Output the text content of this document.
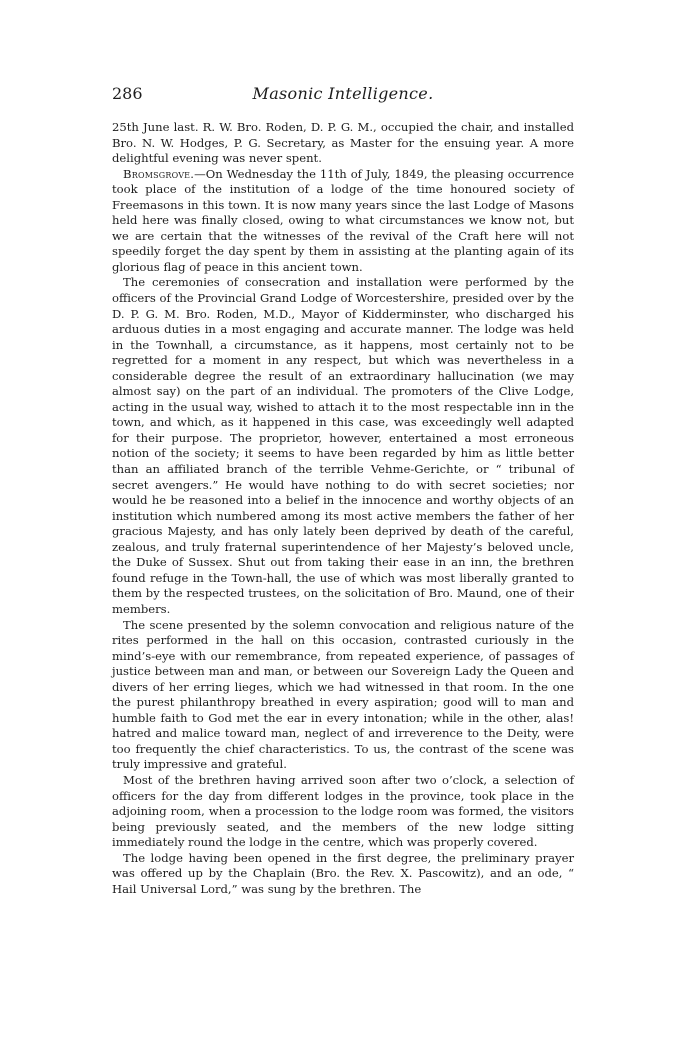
286	Masonic Intelligence.

25th June last. R. W. Bro. Roden, D. P. G. M., occupied the chair, and installed Bro. N. W. Hodges, P. G. Secretary, as Master for the ensuing year. A more delightful evening was never spent.

Bromsgrove.—On Wednesday the 11th of July, 1849, the pleasing occurrence took place of the institution of a lodge of the time honoured society of Freemasons in this town. It is now many years since the last Lodge of Masons held here was finally closed, owing to what circumstances we know not, but we are certain that the witnesses of the revival of the Craft here will not speedily forget the day spent by them in assisting at the planting again of its glorious flag of peace in this ancient town.

The ceremonies of consecration and installation were performed by the officers of the Provincial Grand Lodge of Worcestershire, presided over by the D. P. G. M. Bro. Roden, M.D., Mayor of Kidderminster, who discharged his arduous duties in a most engaging and accurate manner. The lodge was held in the Townhall, a circumstance, as it happens, most certainly not to be regretted for a moment in any respect, but which was nevertheless in a considerable degree the result of an extraordinary hallucination (we may almost say) on the part of an individual. The promoters of the Clive Lodge, acting in the usual way, wished to attach it to the most respectable inn in the town, and which, as it happened in this case, was exceedingly well adapted for their purpose. The proprietor, however, entertained a most erroneous notion of the society; it seems to have been regarded by him as little better than an affiliated branch of the terrible Vehme-Gerichte, or “ tribunal of secret avengers.” He would have nothing to do with secret societies; nor would he be reasoned into a belief in the innocence and worthy objects of an institution which numbered among its most active members the father of her gracious Majesty, and has only lately been deprived by death of the careful, zealous, and truly fraternal superintendence of her Majesty’s beloved uncle, the Duke of Sussex. Shut out from taking their ease in an inn, the brethren found refuge in the Town-hall, the use of which was most liberally granted to them by the respected trustees, on the solicitation of Bro. Maund, one of their members.

The scene presented by the solemn convocation and religious nature of the rites performed in the hall on this occasion, contrasted curiously in the mind’s-eye with our remembrance, from repeated experience, of passages of justice between man and man, or between our Sovereign Lady the Queen and divers of her erring lieges, which we had witnessed in that room. In the one the purest philanthropy breathed in every aspiration; good will to man and humble faith to God met the ear in every intonation; while in the other, alas! hatred and malice toward man, neglect of and irreverence to the Deity, were too frequently the chief characteristics. To us, the contrast of the scene was truly impressive and grateful.

Most of the brethren having arrived soon after two o’clock, a selection of officers for the day from different lodges in the province, took place in the adjoining room, when a procession to the lodge room was formed, the visitors being previously seated, and the members of the new lodge sitting immediately round the lodge in the centre, which was properly covered.

The lodge having been opened in the first degree, the preliminary prayer was offered up by the Chaplain (Bro. the Rev. X. Pascowitz), and an ode, “ Hail Universal Lord,” was sung by the brethren. The
